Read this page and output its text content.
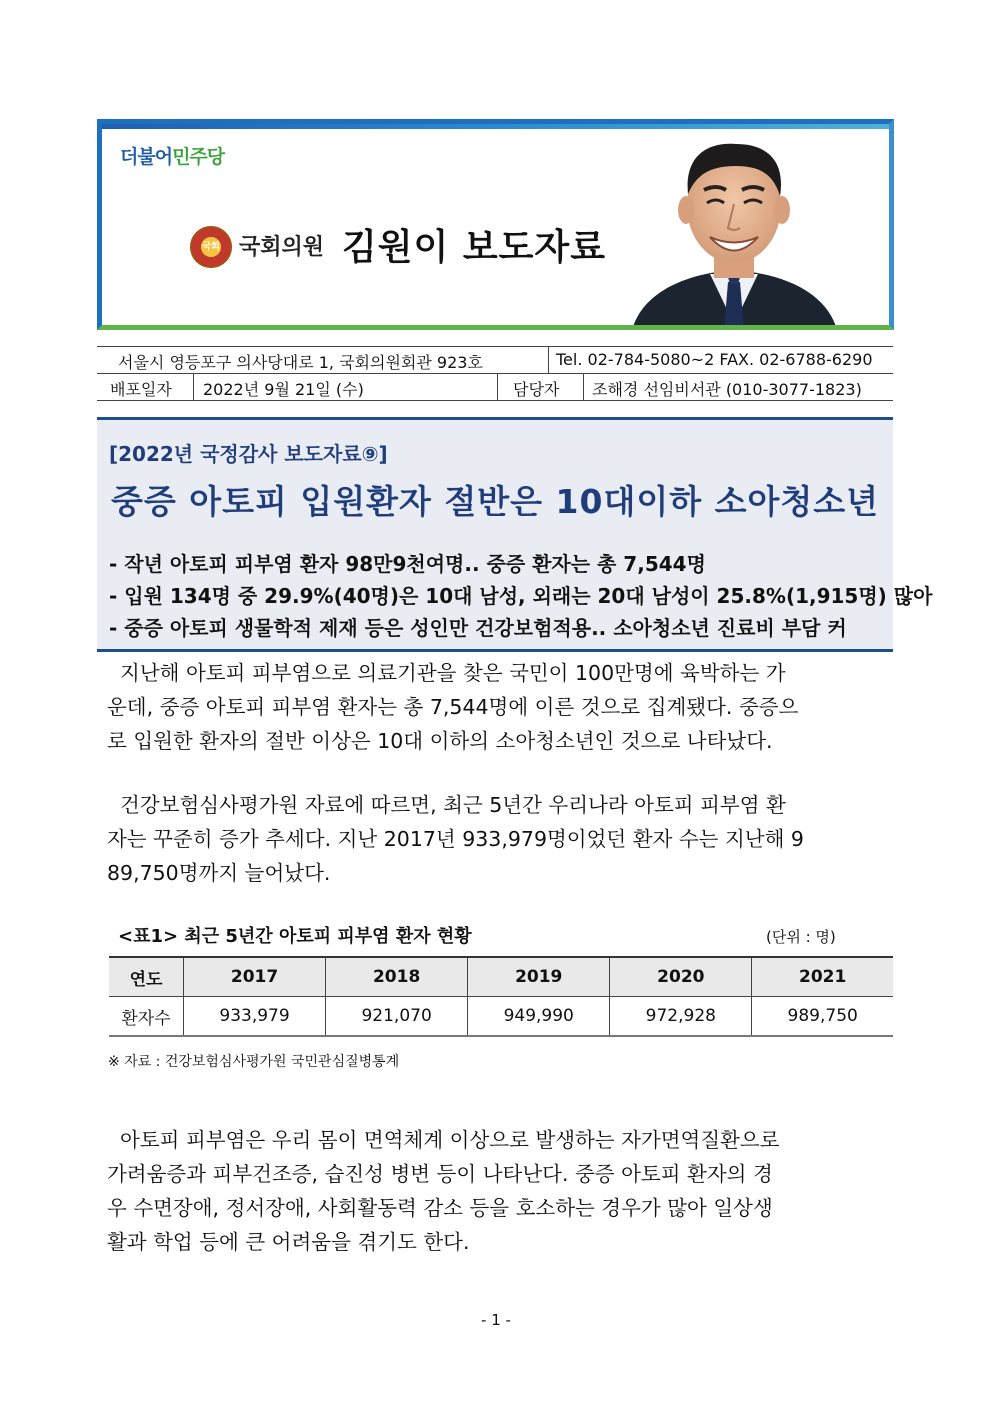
더불어민주당
국회 국회의원 김원이 보도자료
서울시 영등포구 의사당대로 1, 국회의원회관 923호	Tel. 02-784-5080~2 FAX. 02-6788-6290
배포일자 2022년 9월 21일 (수)	담당자 조해경 선임비서관 (010-3077-1823)
[2022년 국정감사 보도자료⑨]
중증 아토피 입원환자 절반은 10대이하 소아청소년
- 작년 아토피 피부염 환자 98만9천여명.. 중증 환자는 총 7,544명
- 입원 134명 중 29.9%(40명)은 10대 남성, 외래는 20대 남성이 25.8%(1,915명) 많아
- 중증 아토피 생물학적 제재 등은 성인만 건강보험적용.. 소아청소년 진료비 부담 커
지난해 아토피 피부염으로 의료기관을 찾은 국민이 100만명에 육박하는 가
운데, 중증 아토피 피부염 환자는 총 7,544명에 이른 것으로 집계됐다. 중증으
로 입원한 환자의 절반 이상은 10대 이하의 소아청소년인 것으로 나타났다.
건강보험심사평가원 자료에 따르면, 최근 5년간 우리나라 아토피 피부염 환
자는 꾸준히 증가 추세다. 지난 2017년 933,979명이었던 환자 수는 지난해 9
89,750명까지 늘어났다.
<표1> 최근 5년간 아토피 피부염 환자 현황	(단위 : 명)
연도	2017	2018	2019	2020	2021
환자수	933,979	921,070	949,990	972,928	989,750
※ 자료 : 건강보험심사평가원 국민관심질병통계
아토피 피부염은 우리 몸이 면역체계 이상으로 발생하는 자가면역질환으로
가려움증과 피부건조증, 습진성 병변 등이 나타난다. 중증 아토피 환자의 경
우 수면장애, 정서장애, 사회활동력 감소 등을 호소하는 경우가 많아 일상생
활과 학업 등에 큰 어려움을 겪기도 한다.
- 1 -
